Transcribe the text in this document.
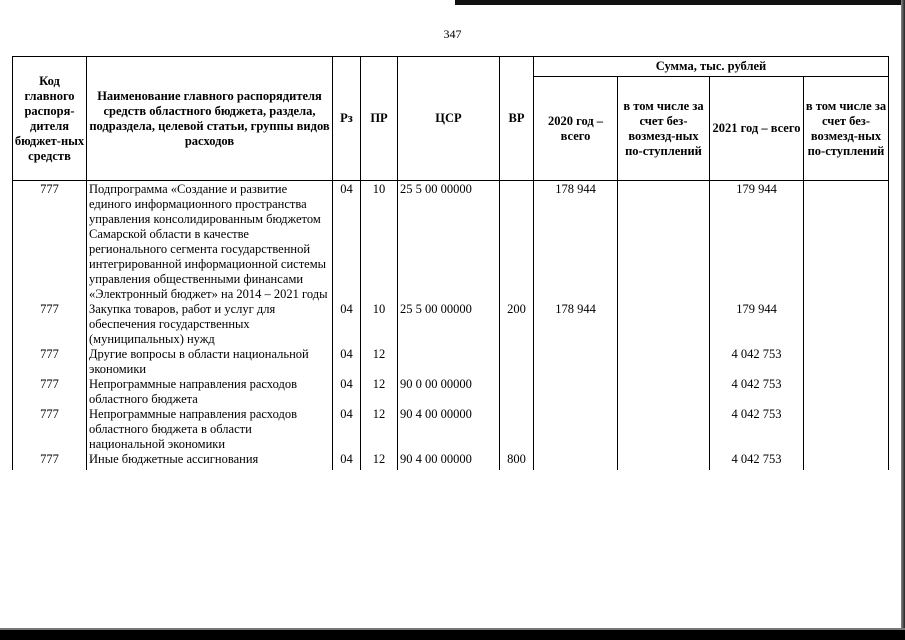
347
Код главного распоря-дителя бюджет-ных средств	Наименование главного распорядителя средств областного бюджета, раздела, подраздела, целевой статьи, группы видов расходов	Рз	ПР	ЦСР	ВР	Сумма, тыс. рублей			
						2020 год – всего	в том числе за счет без-возмезд-ных по-ступлений	2021 год – всего	в том числе за счет без-возмезд-ных по-ступлений
777	Подпрограмма «Создание и развитие единого информационного пространства управления консолидированным бюджетом Самарской области в качестве регионального сегмента государственной интегрированной информационной системы управления общественными финансами «Электронный бюджет» на 2014 – 2021 годы	04	10	25 5 00 00000		178 944		179 944	
777	Закупка товаров, работ и услуг для обеспечения государственных (муниципальных) нужд	04	10	25 5 00 00000	200	178 944		179 944	
777	Другие вопросы в области национальной экономики	04	12					4 042 753	
777	Непрограммные направления расходов областного бюджета	04	12	90 0 00 00000				4 042 753	
777	Непрограммные направления расходов областного бюджета в области национальной экономики	04	12	90 4 00 00000				4 042 753	
777	Иные бюджетные ассигнования	04	12	90 4 00 00000	800			4 042 753	
